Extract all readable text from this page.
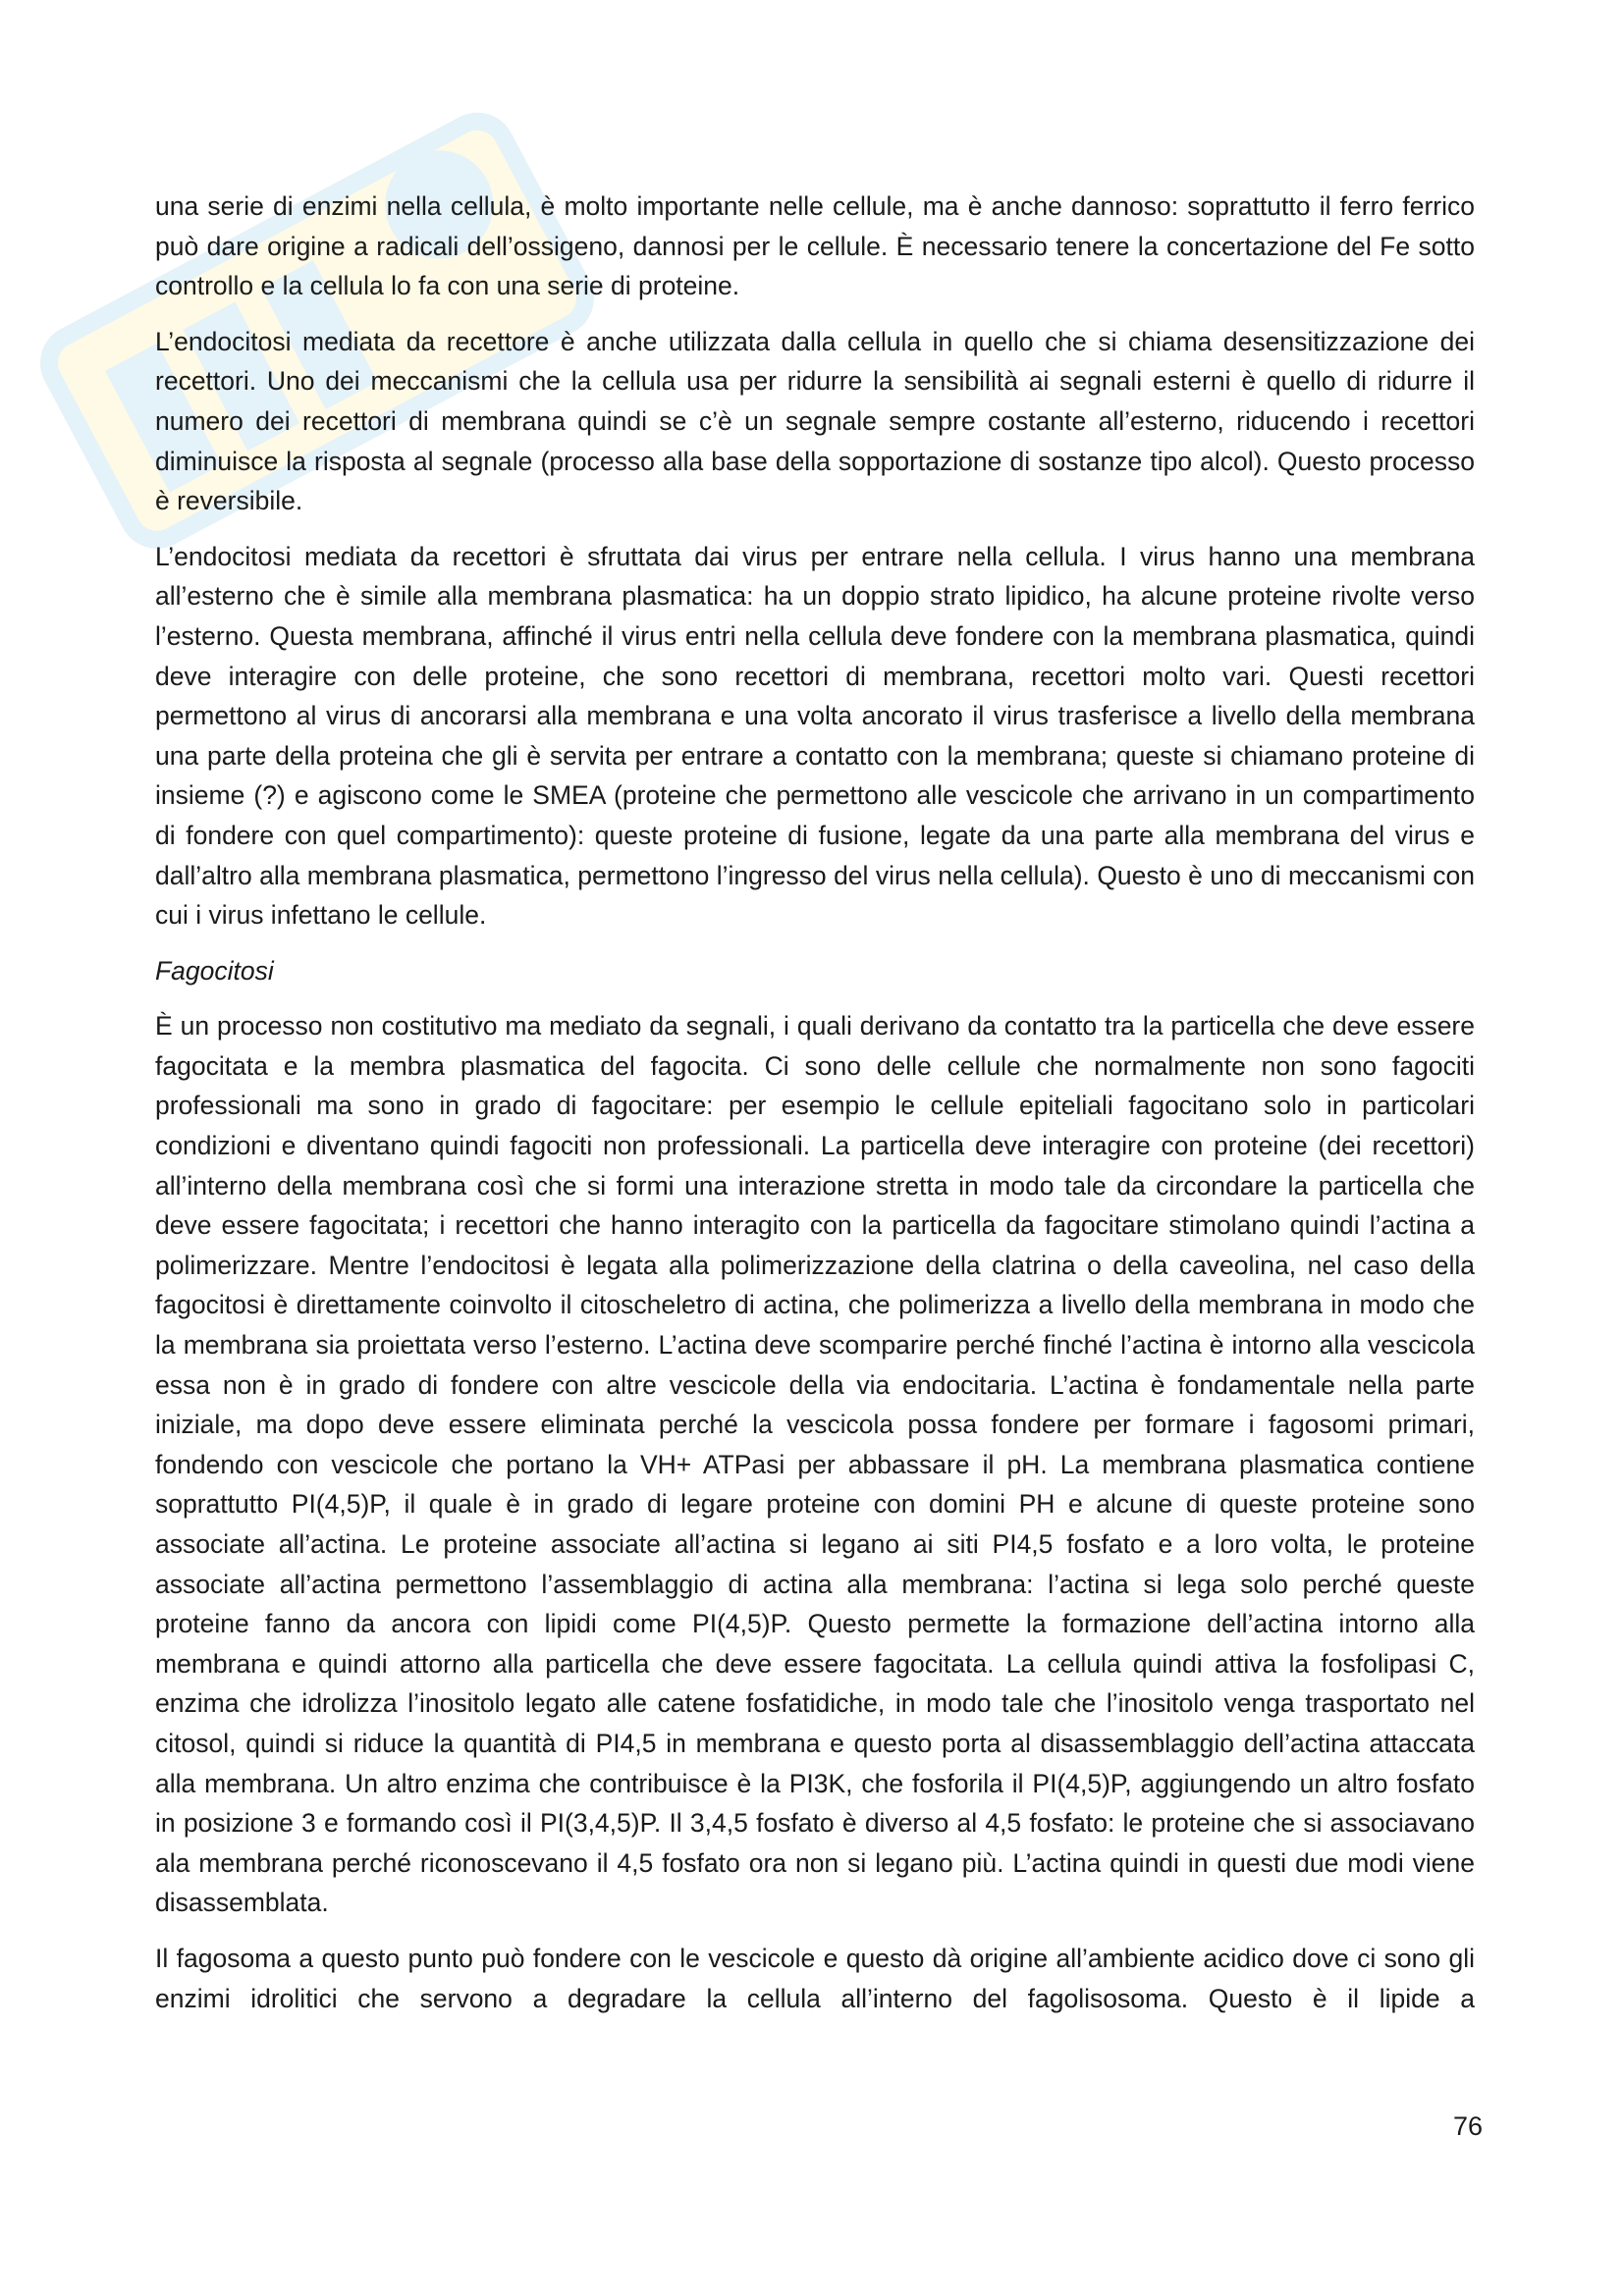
una serie di enzimi nella cellula, è molto importante nelle cellule, ma è anche dannoso: soprattutto il ferro ferrico può dare origine a radicali dell’ossigeno, dannosi per le cellule. È necessario tenere la concertazione del Fe sotto controllo e la cellula lo fa con una serie di proteine.

L’endocitosi mediata da recettore è anche utilizzata dalla cellula in quello che si chiama desensitizzazione dei recettori. Uno dei meccanismi che la cellula usa per ridurre la sensibilità ai segnali esterni è quello di ridurre il numero dei recettori di membrana quindi se c’è un segnale sempre costante all’esterno, riducendo i recettori diminuisce la risposta al segnale (processo alla base della sopportazione di sostanze tipo alcol). Questo processo è reversibile.

L’endocitosi mediata da recettori è sfruttata dai virus per entrare nella cellula. I virus hanno una membrana all’esterno che è simile alla membrana plasmatica: ha un doppio strato lipidico, ha alcune proteine rivolte verso l’esterno. Questa membrana, affinché il virus entri nella cellula deve fondere con la membrana plasmatica, quindi deve interagire con delle proteine, che sono recettori di membrana, recettori molto vari. Questi recettori permettono al virus di ancorarsi alla membrana e una volta ancorato il virus trasferisce a livello della membrana una parte della proteina che gli è servita per entrare a contatto con la membrana; queste si chiamano proteine di insieme (?) e agiscono come le SMEA (proteine che permettono alle vescicole che arrivano in un compartimento di fondere con quel compartimento): queste proteine di fusione, legate da una parte alla membrana del virus e dall’altro alla membrana plasmatica, permettono l’ingresso del virus nella cellula). Questo è uno di meccanismi con cui i virus infettano le cellule.

Fagocitosi

È un processo non costitutivo ma mediato da segnali, i quali derivano da contatto tra la particella che deve essere fagocitata e la membra plasmatica del fagocita. Ci sono delle cellule che normalmente non sono fagociti professionali ma sono in grado di fagocitare: per esempio le cellule epiteliali fagocitano solo in particolari condizioni e diventano quindi fagociti non professionali. La particella deve interagire con proteine (dei recettori) all’interno della membrana così che si formi una interazione stretta in modo tale da circondare la particella che deve essere fagocitata; i recettori che hanno interagito con la particella da fagocitare stimolano quindi l’actina a polimerizzare. Mentre l’endocitosi è legata alla polimerizzazione della clatrina o della caveolina, nel caso della fagocitosi è direttamente coinvolto il citoscheletro di actina, che polimerizza a livello della membrana in modo che la membrana sia proiettata verso l’esterno. L’actina deve scomparire perché finché l’actina è intorno alla vescicola essa non è in grado di fondere con altre vescicole della via endocitaria. L’actina è fondamentale nella parte iniziale, ma dopo deve essere eliminata perché la vescicola possa fondere per formare i fagosomi primari, fondendo con vescicole che portano la VH+ ATPasi per abbassare il pH. La membrana plasmatica contiene soprattutto PI(4,5)P, il quale è in grado di legare proteine con domini PH e alcune di queste proteine sono associate all’actina. Le proteine associate all’actina si legano ai siti PI4,5 fosfato e a loro volta, le proteine associate all’actina permettono l’assemblaggio di actina alla membrana: l’actina si lega solo perché queste proteine fanno da ancora con lipidi come PI(4,5)P. Questo permette la formazione dell’actina intorno alla membrana e quindi attorno alla particella che deve essere fagocitata. La cellula quindi attiva la fosfolipasi C, enzima che idrolizza l’inositolo legato alle catene fosfatidiche, in modo tale che l’inositolo venga trasportato nel citosol, quindi si riduce la quantità di PI4,5 in membrana e questo porta al disassemblaggio dell’actina attaccata alla membrana. Un altro enzima che contribuisce è la PI3K, che fosforila il PI(4,5)P, aggiungendo un altro fosfato in posizione 3 e formando così il PI(3,4,5)P. Il 3,4,5 fosfato è diverso al 4,5 fosfato: le proteine che si associavano ala membrana perché riconoscevano il 4,5 fosfato ora non si legano più. L’actina quindi in questi due modi viene disassemblata.

Il fagosoma a questo punto può fondere con le vescicole e questo dà origine all’ambiente acidico dove ci sono gli enzimi idrolitici che servono a degradare la cellula all’interno del fagolisosoma. Questo è il lipide a

76
